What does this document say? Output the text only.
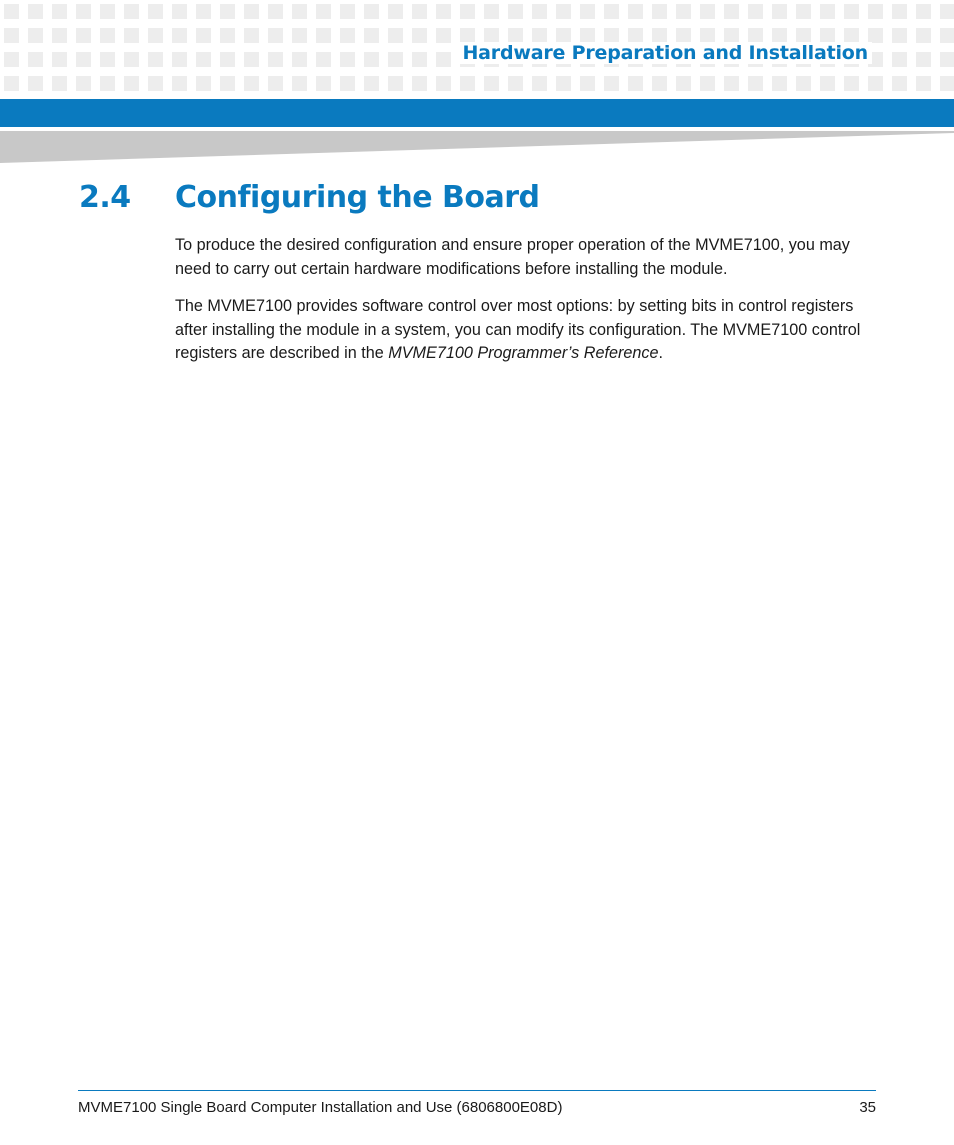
Hardware Preparation and Installation
2.4 Configuring the Board

To produce the desired configuration and ensure proper operation of the MVME7100, you may need to carry out certain hardware modifications before installing the module.

The MVME7100 provides software control over most options: by setting bits in control registers after installing the module in a system, you can modify its configuration. The MVME7100 control registers are described in the MVME7100 Programmer’s Reference.

MVME7100 Single Board Computer Installation and Use (6806800E08D)	35
